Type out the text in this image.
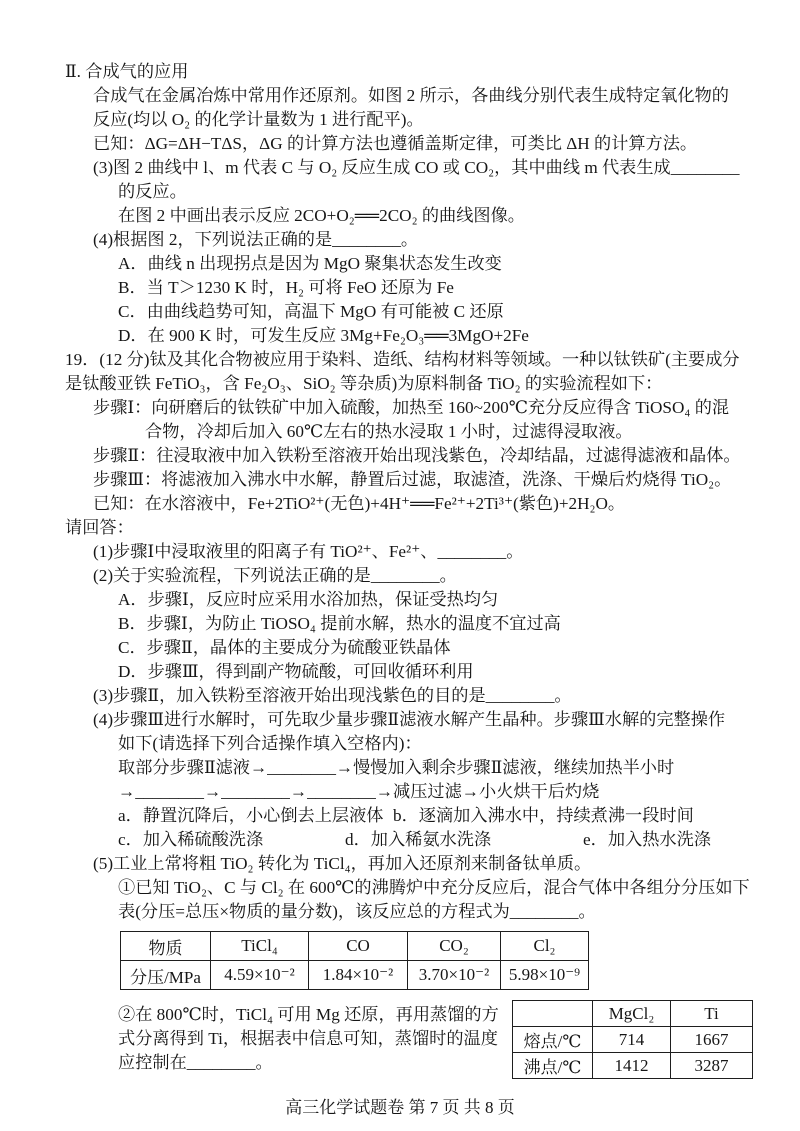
Ⅱ. 合成气的应用
合成气在金属冶炼中常用作还原剂。如图 2 所示，各曲线分别代表生成特定氧化物的
反应(均以 O₂ 的化学计量数为 1 进行配平)。
已知：ΔG=ΔH−TΔS，ΔG 的计算方法也遵循盖斯定律，可类比 ΔH 的计算方法。
(3)图 2 曲线中 l、m 代表 C 与 O₂ 反应生成 CO 或 CO₂，其中曲线 m 代表生成________
的反应。
在图 2 中画出表示反应 2CO+O₂══2CO₂ 的曲线图像。
(4)根据图 2，下列说法正确的是________。
A．曲线 n 出现拐点是因为 MgO 聚集状态发生改变
B．当 T＞1230 K 时，H₂ 可将 FeO 还原为 Fe
C．由曲线趋势可知，高温下 MgO 有可能被 C 还原
D．在 900 K 时，可发生反应 3Mg+Fe₂O₃══3MgO+2Fe
19．(12 分)钛及其化合物被应用于染料、造纸、结构材料等领域。一种以钛铁矿(主要成分
是钛酸亚铁 FeTiO₃，含 Fe₂O₃、SiO₂ 等杂质)为原料制备 TiO₂ 的实验流程如下：
步骤Ⅰ：向研磨后的钛铁矿中加入硫酸，加热至 160~200℃充分反应得含 TiOSO₄ 的混
合物，冷却后加入 60℃左右的热水浸取 1 小时，过滤得浸取液。
步骤Ⅱ：往浸取液中加入铁粉至溶液开始出现浅紫色，冷却结晶，过滤得滤液和晶体。
步骤Ⅲ：将滤液加入沸水中水解，静置后过滤，取滤渣，洗涤、干燥后灼烧得 TiO₂。
已知：在水溶液中，Fe+2TiO²⁺(无色)+4H⁺══Fe²⁺+2Ti³⁺(紫色)+2H₂O。
请回答：
(1)步骤Ⅰ中浸取液里的阳离子有 TiO²⁺、Fe²⁺、________。
(2)关于实验流程，下列说法正确的是________。
A．步骤Ⅰ，反应时应采用水浴加热，保证受热均匀
B．步骤Ⅰ，为防止 TiOSO₄ 提前水解，热水的温度不宜过高
C．步骤Ⅱ，晶体的主要成分为硫酸亚铁晶体
D．步骤Ⅲ，得到副产物硫酸，可回收循环利用
(3)步骤Ⅱ，加入铁粉至溶液开始出现浅紫色的目的是________。
(4)步骤Ⅲ进行水解时，可先取少量步骤Ⅱ滤液水解产生晶种。步骤Ⅲ水解的完整操作
如下(请选择下列合适操作填入空格内)：
取部分步骤Ⅱ滤液→________→慢慢加入剩余步骤Ⅱ滤液，继续加热半小时
→________→________→________→减压过滤→小火烘干后灼烧
a．静置沉降后，小心倒去上层液体 b．逐滴加入沸水中，持续煮沸一段时间
c．加入稀硫酸洗涤	d．加入稀氨水洗涤	e．加入热水洗涤
(5)工业上常将粗 TiO₂ 转化为 TiCl₄，再加入还原剂来制备钛单质。
①已知 TiO₂、C 与 Cl₂ 在 600℃的沸腾炉中充分反应后，混合气体中各组分分压如下
表(分压=总压×物质的量分数)，该反应总的方程式为________。
物质	TiCl₄	CO	CO₂	Cl₂
分压/MPa	4.59×10⁻²	1.84×10⁻²	3.70×10⁻²	5.98×10⁻⁹
②在 800℃时，TiCl₄ 可用 Mg 还原，再用蒸馏的方
式分离得到 Ti，根据表中信息可知，蒸馏时的温度
应控制在________。
	MgCl₂	Ti
熔点/℃	714	1667
沸点/℃	1412	3287
高三化学试题卷 第 7 页 共 8 页
